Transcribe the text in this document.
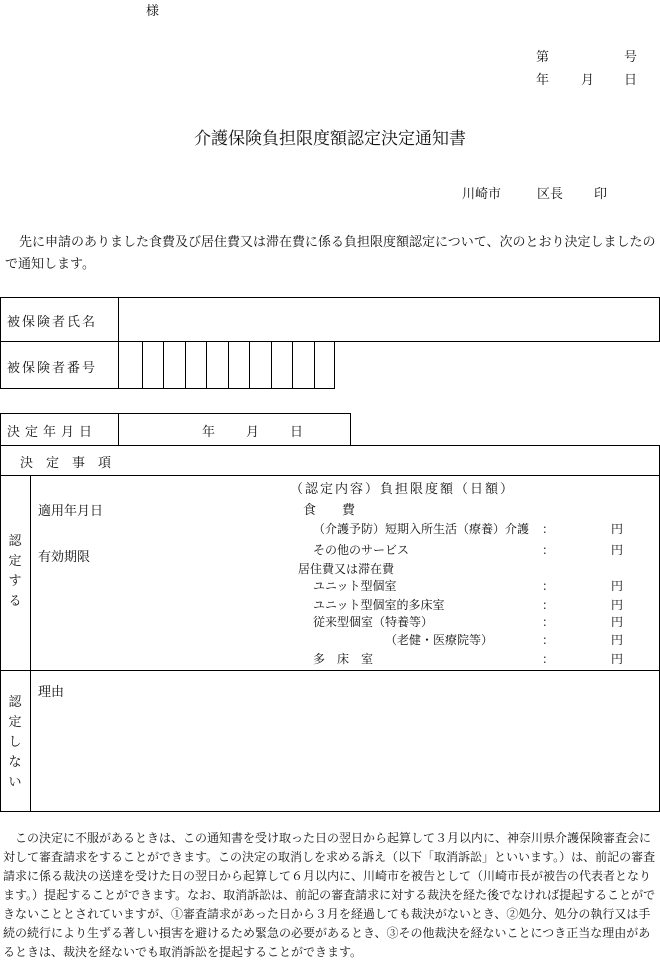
様
第	号
年 月 日
介護保険負担限度額認定決定通知書
川崎市	区長 印
先に申請のありました食費及び居住費又は滞在費に係る負担限度額認定について、次のとおり決定しましたので通知します。
被保険者氏名
被保険者番号
決定年月日	年 月 日
決　定　事　項
認定する
適用年月日
有効期限
（認定内容）負担限度額（日額）
食　　費
（介護予防）短期入所生活（療養）介護 ：	円
その他のサービス	：	円
居住費又は滞在費
ユニット型個室	：	円
ユニット型個室的多床室	：	円
従来型個室（特養等）	：	円
（老健・医療院等）	：	円
多　床　室	：	円
認定しない
理由
この決定に不服があるときは、この通知書を受け取った日の翌日から起算して３月以内に、神奈川県介護保険審査会に対して審査請求をすることができます。この決定の取消しを求める訴え（以下「取消訴訟」といいます。）は、前記の審査請求に係る裁決の送達を受けた日の翌日から起算して６月以内に、川崎市を被告として（川崎市長が被告の代表者となります。）提起することができます。なお、取消訴訟は、前記の審査請求に対する裁決を経た後でなければ提起することができないこととされていますが、①審査請求があった日から３月を経過しても裁決がないとき、②処分、処分の執行又は手続の続行により生ずる著しい損害を避けるため緊急の必要があるとき、③その他裁決を経ないことにつき正当な理由があるときは、裁決を経ないでも取消訴訟を提起することができます。
